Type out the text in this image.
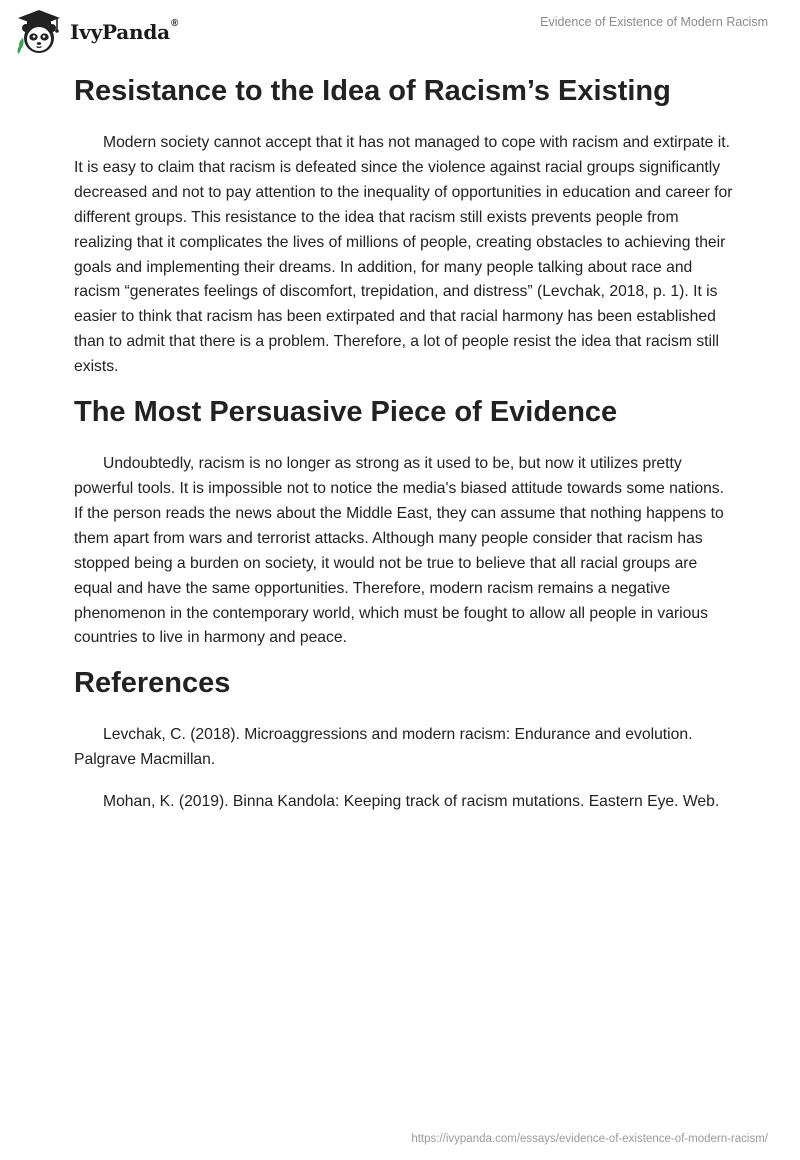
IvyPanda®	Evidence of Existence of Modern Racism
Resistance to the Idea of Racism’s Existing

Modern society cannot accept that it has not managed to cope with racism and extirpate it. It is easy to claim that racism is defeated since the violence against racial groups significantly decreased and not to pay attention to the inequality of opportunities in education and career for different groups. This resistance to the idea that racism still exists prevents people from realizing that it complicates the lives of millions of people, creating obstacles to achieving their goals and implementing their dreams. In addition, for many people talking about race and racism “generates feelings of discomfort, trepidation, and distress” (Levchak, 2018, p. 1). It is easier to think that racism has been extirpated and that racial harmony has been established than to admit that there is a problem. Therefore, a lot of people resist the idea that racism still exists.

The Most Persuasive Piece of Evidence

Undoubtedly, racism is no longer as strong as it used to be, but now it utilizes pretty powerful tools. It is impossible not to notice the media's biased attitude towards some nations. If the person reads the news about the Middle East, they can assume that nothing happens to them apart from wars and terrorist attacks. Although many people consider that racism has stopped being a burden on society, it would not be true to believe that all racial groups are equal and have the same opportunities. Therefore, modern racism remains a negative phenomenon in the contemporary world, which must be fought to allow all people in various countries to live in harmony and peace.

References

Levchak, C. (2018). Microaggressions and modern racism: Endurance and evolution. Palgrave Macmillan.

Mohan, K. (2019). Binna Kandola: Keeping track of racism mutations. Eastern Eye. Web.

https://ivypanda.com/essays/evidence-of-existence-of-modern-racism/
